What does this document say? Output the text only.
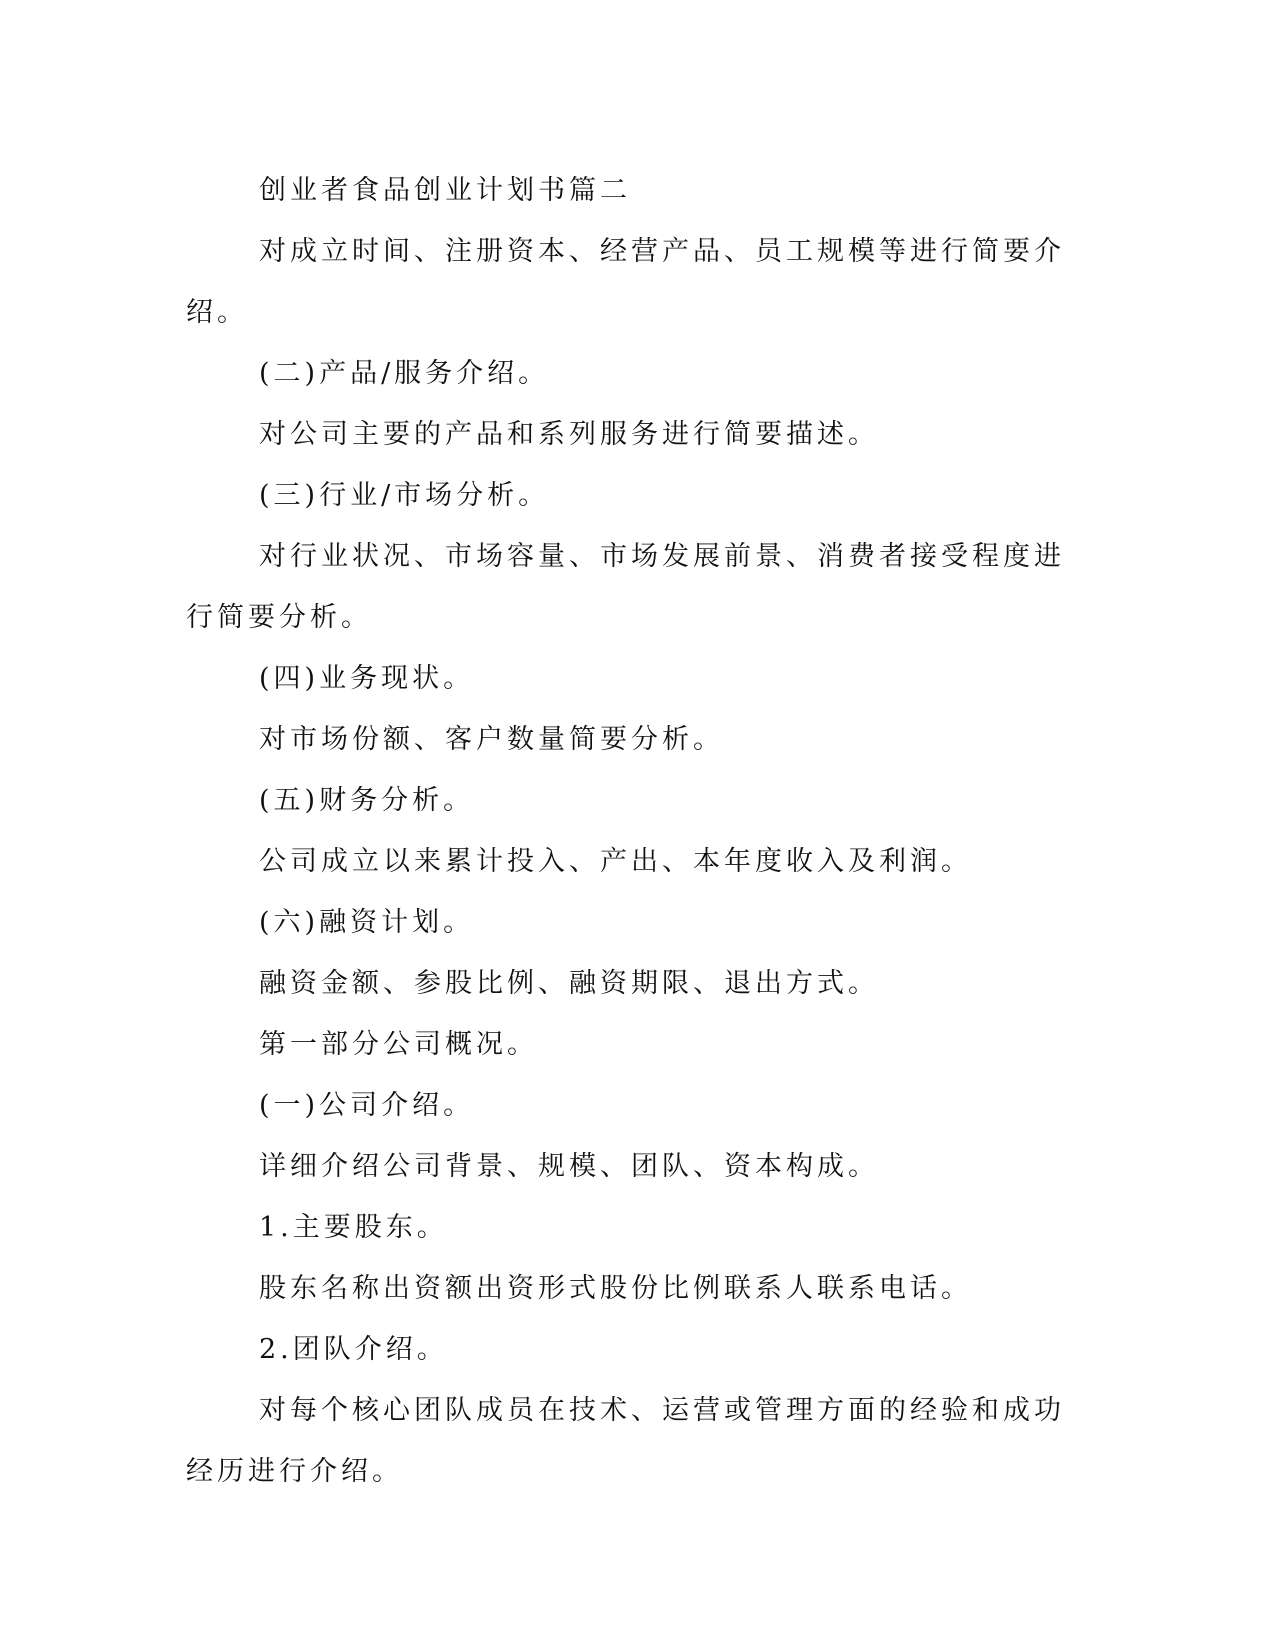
创业者食品创业计划书篇二

对成立时间、注册资本、经营产品、员工规模等进行简要介绍。

(二)产品/服务介绍。

对公司主要的产品和系列服务进行简要描述。

(三)行业/市场分析。

对行业状况、市场容量、市场发展前景、消费者接受程度进行简要分析。

(四)业务现状。

对市场份额、客户数量简要分析。

(五)财务分析。

公司成立以来累计投入、产出、本年度收入及利润。

(六)融资计划。

融资金额、参股比例、融资期限、退出方式。

第一部分公司概况。

(一)公司介绍。

详细介绍公司背景、规模、团队、资本构成。

1.主要股东。

股东名称出资额出资形式股份比例联系人联系电话。

2.团队介绍。

对每个核心团队成员在技术、运营或管理方面的经验和成功经历进行介绍。
